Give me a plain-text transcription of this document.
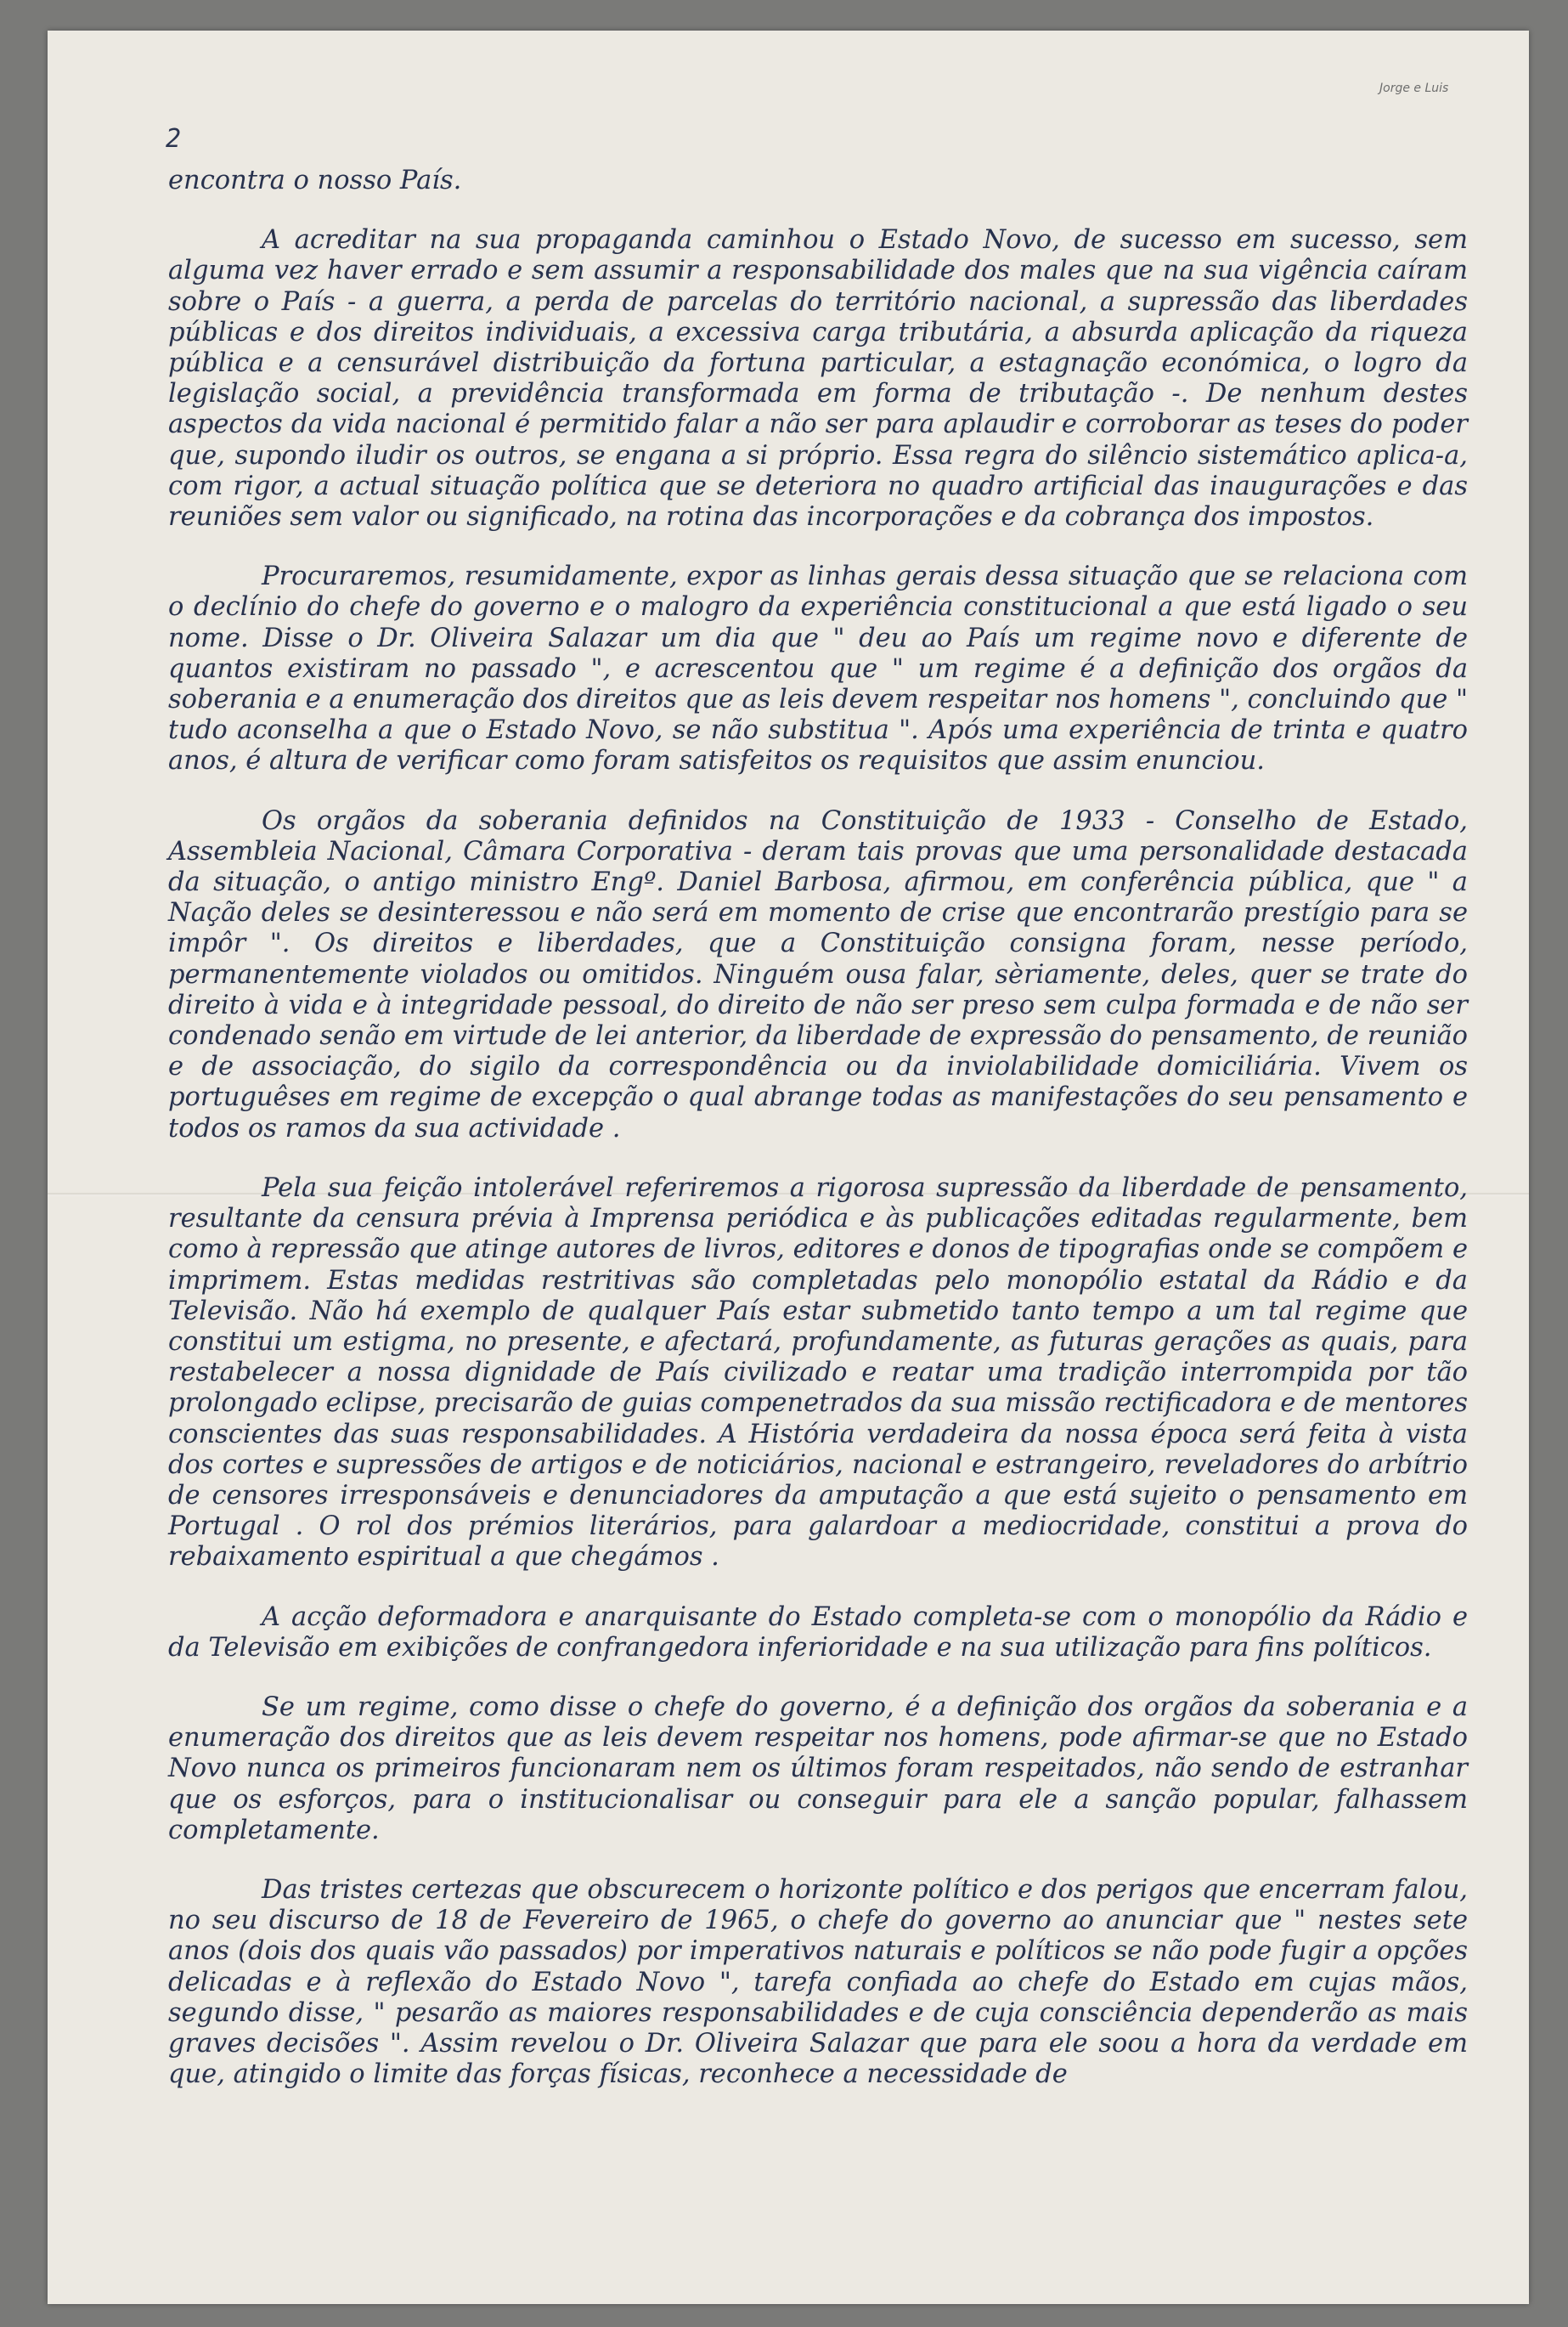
Jorge e Luis
2

encontra o nosso País.

A acreditar na sua propaganda caminhou o Estado Novo, de sucesso em sucesso, sem alguma vez haver errado e sem assumir a responsabilidade dos males que na sua vigência caíram sobre o País - a guerra, a perda de parcelas do território nacional, a supressão das liberdades públicas e dos direitos individuais, a excessiva carga tributária, a absurda aplicação da riqueza pública e a censurável distribuição da fortuna particular, a estagnação económica, o logro da legislação social, a previdência transformada em forma de tributação -. De nenhum destes aspectos da vida nacional é permitido falar a não ser para aplaudir e corroborar as teses do poder que, supondo iludir os outros, se engana a si próprio. Essa regra do silêncio sistemático aplica-a, com rigor, a actual situação política que se deteriora no quadro artificial das inaugurações e das reuniões sem valor ou significado, na rotina das incorporações e da cobrança dos impostos.

Procuraremos, resumidamente, expor as linhas gerais dessa situação que se relaciona com o declínio do chefe do governo e o malogro da experiência constitucional a que está ligado o seu nome. Disse o Dr. Oliveira Salazar um dia que " deu ao País um regime novo e diferente de quantos existiram no passado ", e acrescentou que " um regime é a definição dos orgãos da soberania e a enumeração dos direitos que as leis devem respeitar nos homens ", concluindo que " tudo aconselha a que o Estado Novo, se não substitua ". Após uma experiência de trinta e quatro anos, é altura de verificar como foram satisfeitos os requisitos que assim enunciou.

Os orgãos da soberania definidos na Constituição de 1933 - Conselho de Estado, Assembleia Nacional, Câmara Corporativa - deram tais provas que uma personalidade destacada da situação, o antigo ministro Engº. Daniel Barbosa, afirmou, em conferência pública, que " a Nação deles se desinteressou e não será em momento de crise que encontrarão prestígio para se impôr ". Os direitos e liberdades, que a Constituição consigna foram, nesse período, permanentemente violados ou omitidos. Ninguém ousa falar, sèriamente, deles, quer se trate do direito à vida e à integridade pessoal, do direito de não ser preso sem culpa formada e de não ser condenado senão em virtude de lei anterior, da liberdade de expressão do pensamento, de reunião e de associação, do sigilo da correspondência ou da inviolabilidade domiciliária. Vivem os portuguêses em regime de excepção o qual abrange todas as manifestações do seu pensamento e todos os ramos da sua actividade .

Pela sua feição intolerável referiremos a rigorosa supressão da liberdade de pensamento, resultante da censura prévia à Imprensa periódica e às publicações editadas regularmente, bem como à repressão que atinge autores de livros, editores e donos de tipografias onde se compõem e imprimem. Estas medidas restritivas são completadas pelo monopólio estatal da Rádio e da Televisão. Não há exemplo de qualquer País estar submetido tanto tempo a um tal regime que constitui um estigma, no presente, e afectará, profundamente, as futuras gerações as quais, para restabelecer a nossa dignidade de País civilizado e reatar uma tradição interrompida por tão prolongado eclipse, precisarão de guias compenetrados da sua missão rectificadora e de mentores conscientes das suas responsabilidades. A História verdadeira da nossa época será feita à vista dos cortes e supressões de artigos e de noticiários, nacional e estrangeiro, reveladores do arbítrio de censores irresponsáveis e denunciadores da amputação a que está sujeito o pensamento em Portugal . O rol dos prémios literários, para galardoar a mediocridade, constitui a prova do rebaixamento espiritual a que chegámos .

A acção deformadora e anarquisante do Estado completa-se com o monopólio da Rádio e da Televisão em exibições de confrangedora inferioridade e na sua utilização para fins políticos.

Se um regime, como disse o chefe do governo, é a definição dos orgãos da soberania e a enumeração dos direitos que as leis devem respeitar nos homens, pode afirmar-se que no Estado Novo nunca os primeiros funcionaram nem os últimos foram respeitados, não sendo de estranhar que os esforços, para o institucionalisar ou conseguir para ele a sanção popular, falhassem completamente.

Das tristes certezas que obscurecem o horizonte político e dos perigos que encerram falou, no seu discurso de 18 de Fevereiro de 1965, o chefe do governo ao anunciar que " nestes sete anos (dois dos quais vão passados) por imperativos naturais e políticos se não pode fugir a opções delicadas e à reflexão do Estado Novo ", tarefa confiada ao chefe do Estado em cujas mãos, segundo disse, " pesarão as maiores responsabilidades e de cuja consciência dependerão as mais graves decisões ". Assim revelou o Dr. Oliveira Salazar que para ele soou a hora da verdade em que, atingido o limite das forças físicas, reconhece a necessidade de
